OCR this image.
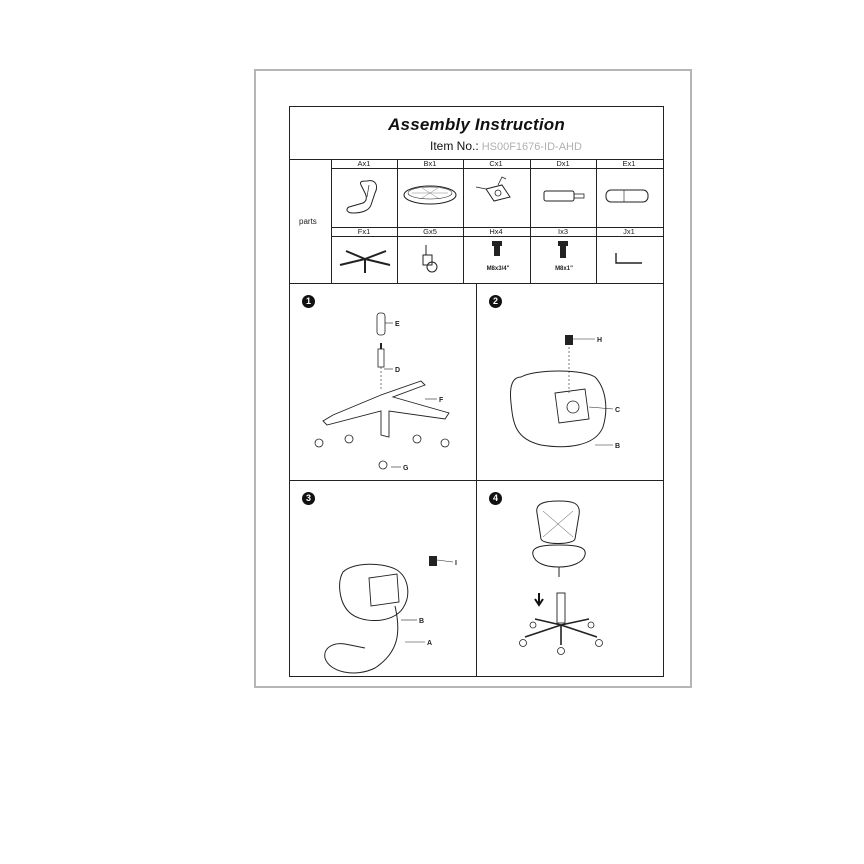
Assembly Instruction
Item No.: HS00F1676-ID-AHD
parts
Ax1	Bx1	Cx1	Dx1	Ex1
Fx1	Gx5	Hx4	Ix3	Jx1
M8x3/4"	M8x1"
1
E
D
F
G
2
H
C
B
3
I
B
A
4
